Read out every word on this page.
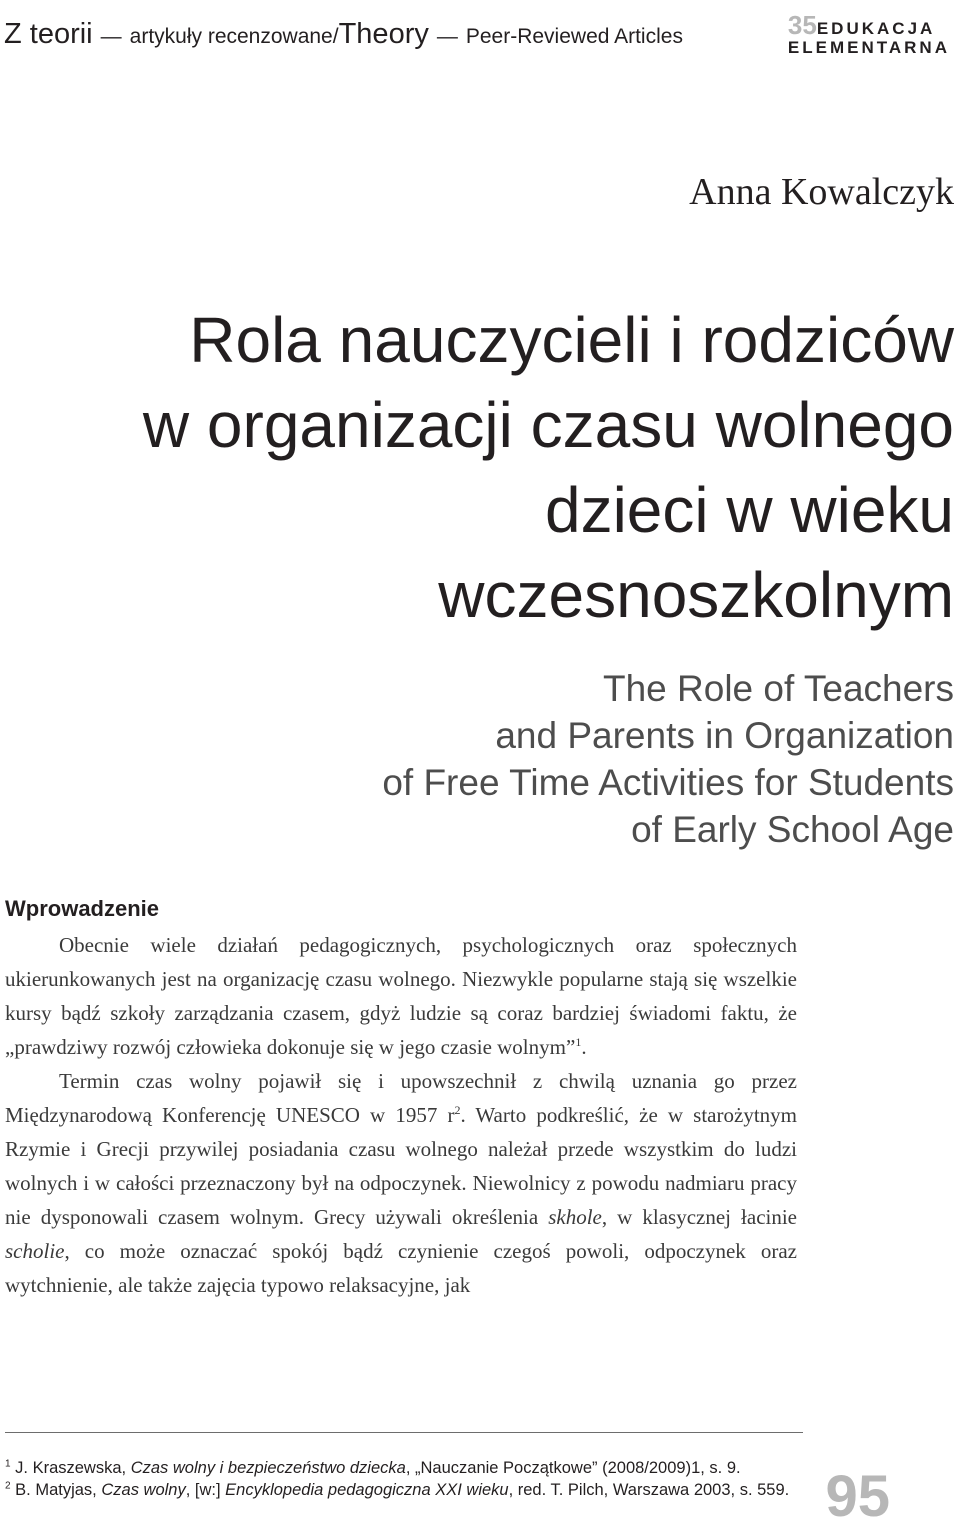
Z teorii — artykuły recenzowane/Theory — Peer-Reviewed Articles	35EDUKACJA
ELEMENTARNA
Anna Kowalczyk
Rola nauczycieli i rodziców
w organizacji czasu wolnego
dzieci w wieku
wczesnoszkolnym
The Role of Teachers
and Parents in Organization
of Free Time Activities for Students
of Early School Age
Wprowadzenie

Obecnie wiele działań pedagogicznych, psychologicznych oraz społecznych ukierunkowanych jest na organizację czasu wolnego. Niezwykle popularne stają się wszelkie kursy bądź szkoły zarządzania czasem, gdyż ludzie są coraz bardziej świadomi faktu, że „prawdziwy rozwój człowieka dokonuje się w jego czasie wolnym”$^1$.

Termin czas wolny pojawił się i upowszechnił z chwilą uznania go przez Międzynarodową Konferencję UNESCO w 1957 $r^2$. Warto podkreślić, że w starożytnym Rzymie i Grecji przywilej posiadania czasu wolnego należał przede wszystkim do ludzi wolnych i w całości przeznaczony był na odpoczynek. Niewolnicy z powodu nadmiaru pracy nie dysponowali czasem wolnym. Grecy używali określenia skhole, w klasycznej łacinie scholie, co może oznaczać spokój bądź czynienie czegoś powoli, odpoczynek oraz wytchnienie, ale także zajęcia typowo relaksacyjne, jak

$^1$ J. Kraszewska, Czas wolny i bezpieczeństwo dziecka, „Nauczanie Początkowe” (2008/2009)1, s. 9.

$^2$ B. Matyjas, Czas wolny, [w:] Encyklopedia pedagogiczna XXI wieku, red. T. Pilch, Warszawa 2003, s. 559. 95
